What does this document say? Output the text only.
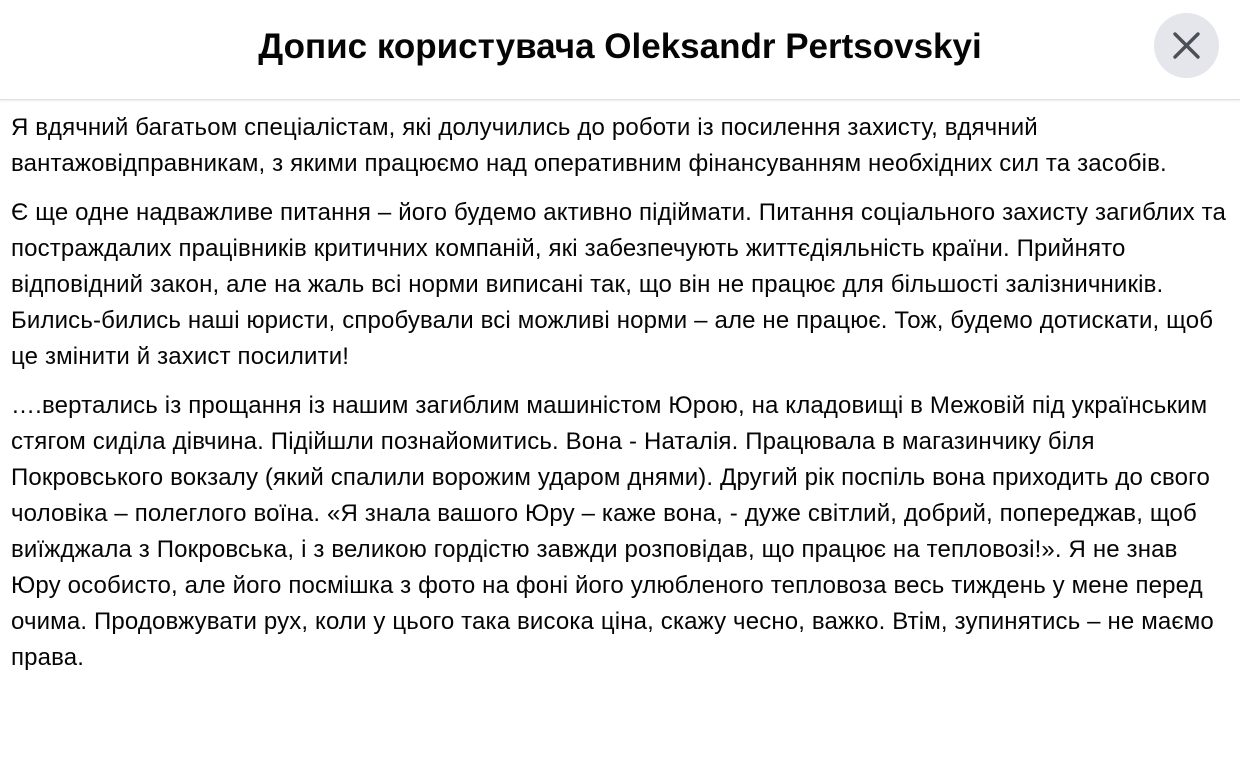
Допис користувача Oleksandr Pertsovskyi

Я вдячний багатьом спеціалістам, які долучились до роботи із посилення захисту, вдячний вантажовідправникам, з якими працюємо над оперативним фінансуванням необхідних сил та засобів.

Є ще одне надважливе питання – його будемо активно підіймати. Питання соціального захисту загиблих та постраждалих працівників критичних компаній, які забезпечують життєдіяльність країни. Прийнято відповідний закон, але на жаль всі норми виписані так, що він не працює для більшості залізничників. Бились-бились наші юристи, спробували всі можливі норми – але не працює. Тож, будемо дотискати, щоб це змінити й захист посилити!

….вертались із прощання із нашим загиблим машиністом Юрою, на кладовищі в Межовій під українським стягом сиділа дівчина. Підійшли познайомитись. Вона - Наталія. Працювала в магазинчику біля Покровського вокзалу (який спалили ворожим ударом днями). Другий рік поспіль вона приходить до свого чоловіка – полеглого воїна. «Я знала вашого Юру – каже вона, - дуже світлий, добрий, попереджав, щоб виїжджала з Покровська, і з великою гордістю завжди розповідав, що працює на тепловозі!». Я не знав Юру особисто, але його посмішка з фото на фоні його улюбленого тепловоза весь тиждень у мене перед очима. Продовжувати рух, коли у цього така висока ціна, скажу чесно, важко. Втім, зупинятись – не маємо права.
